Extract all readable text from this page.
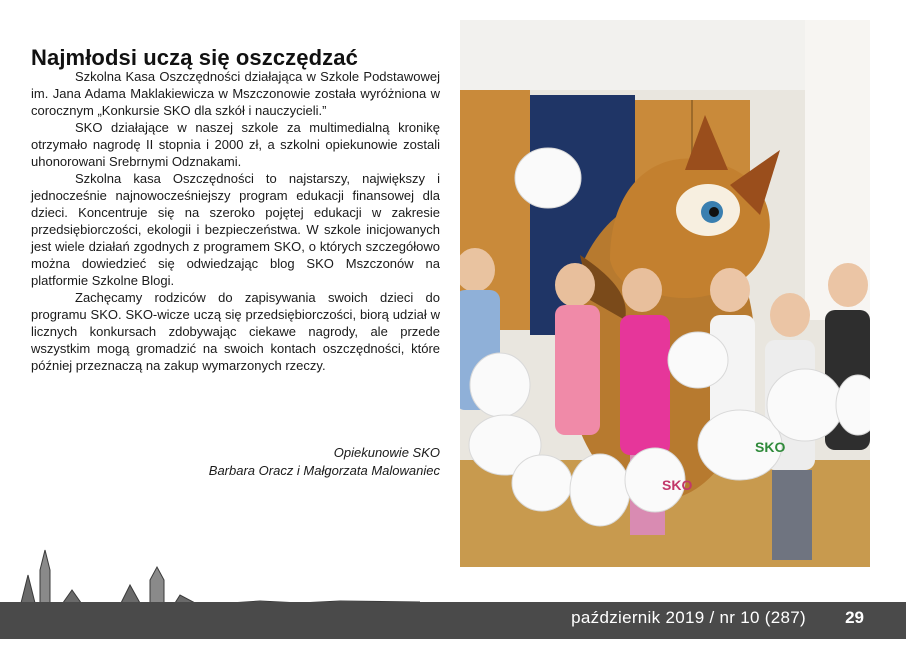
Najmłodsi uczą się oszczędzać

Szkolna Kasa Oszczędności działająca w Szkole Podstawowej im. Jana Adama Maklakiewicza w Mszczonowie została wyróżniona w corocznym „Konkursie SKO dla szkół i nauczycieli.”

SKO działające w naszej szkole za multimedialną kronikę otrzymało nagrodę II stopnia i 2000 zł, a szkolni opiekunowie zostali uhonorowani Srebrnymi Odznakami.

Szkolna kasa Oszczędności to najstarszy, największy i jednocześnie najnowocześniejszy program edukacji finansowej dla dzieci. Koncentruje się na szeroko pojętej edukacji w zakresie przedsiębiorczości, ekologii i bezpieczeństwa. W szkole inicjowanych jest wiele działań zgodnych z programem SKO, o których szczegółowo można dowiedzieć się odwiedzając blog SKO Mszczonów na platformie Szkolne Blogi.

Zachęcamy rodziców do zapisywania swoich dzieci do programu SKO. SKO-wicze uczą się przedsiębiorczości, biorą udział w licznych konkursach zdobywając ciekawe nagrody, ale przede wszystkim mogą gromadzić na swoich kontach oszczędności, które później przeznaczą na zakup wymarzonych rzeczy.

Opiekunowie SKO
Barbara Oracz i Małgorzata Malowaniec
SKO
SKO
październik 2019 / nr 10 (287) 29
